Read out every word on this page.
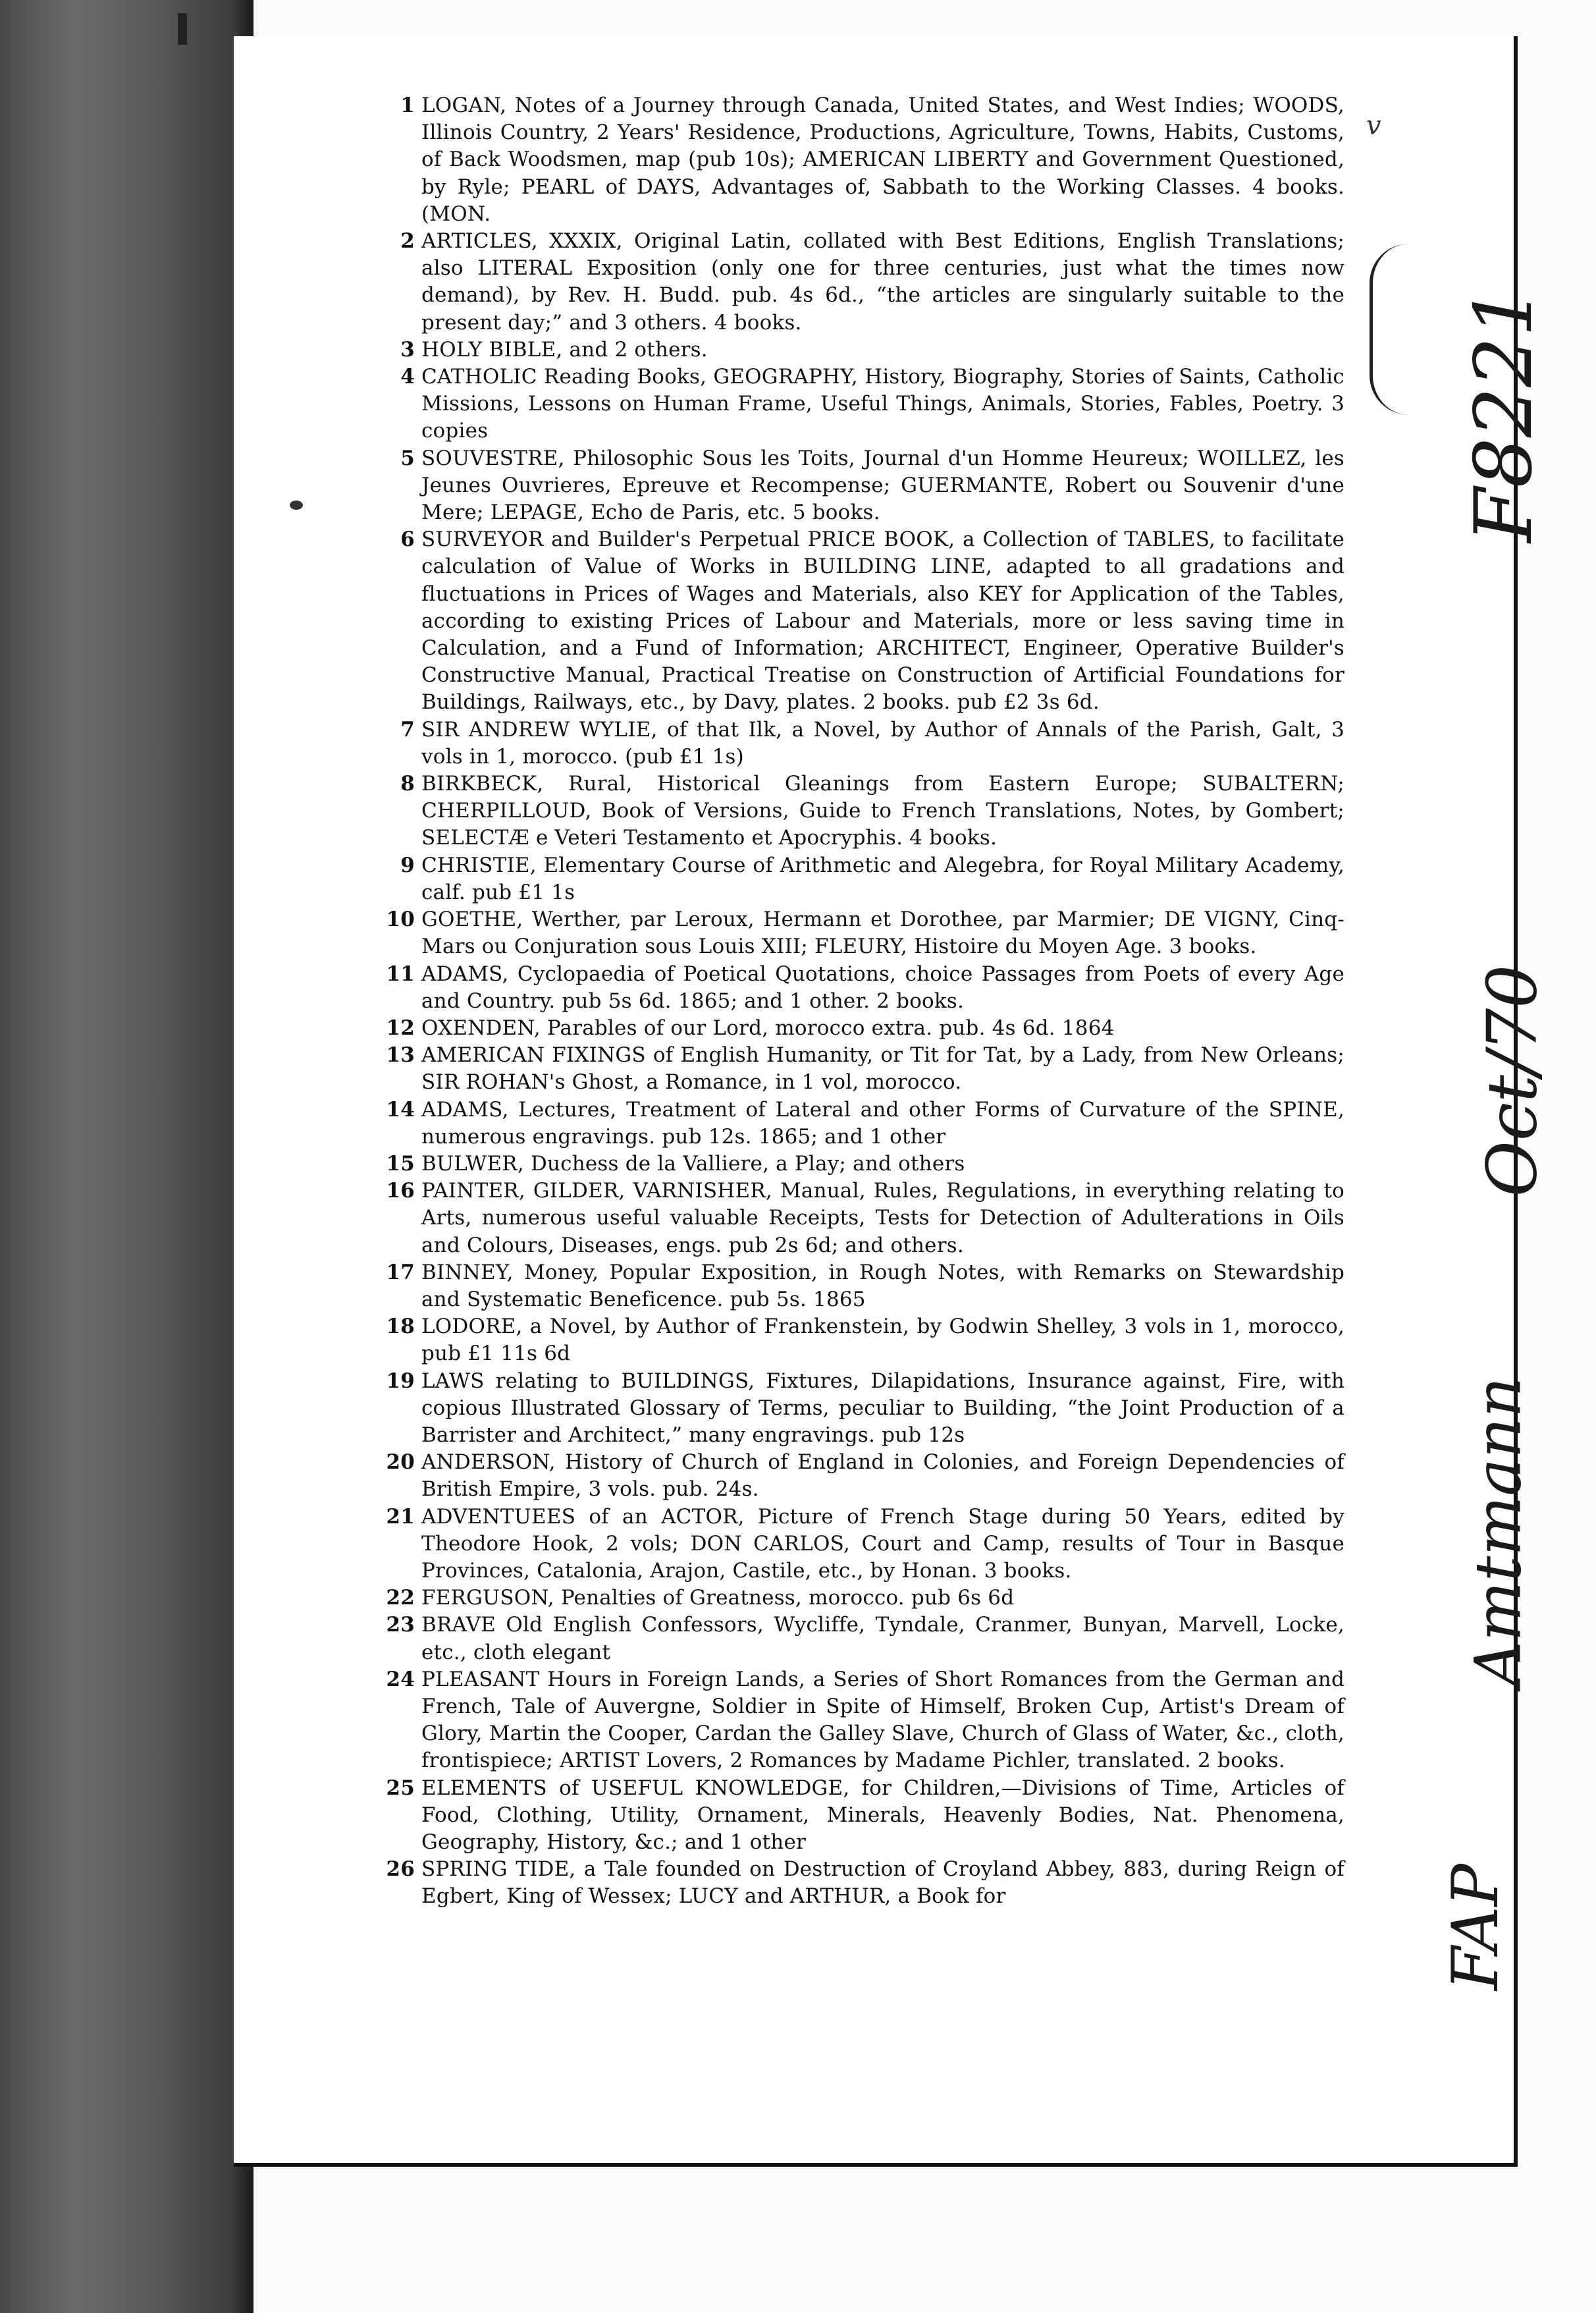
1 LOGAN, Notes of a Journey through Canada, United States, and West Indies; WOODS, Illinois Country, 2 Years' Residence, Productions, Agriculture, Towns, Habits, Customs, of Back Woodsmen, map (pub 10s); AMERICAN LIBERTY and Government Questioned, by Ryle; PEARL of DAYS, Advantages of, Sabbath to the Working Classes. 4 books. (MON.

2 ARTICLES, XXXIX, Original Latin, collated with Best Editions, English Translations; also LITERAL Exposition (only one for three centuries, just what the times now demand), by Rev. H. Budd. pub. 4s 6d., “the articles are singularly suitable to the present day;” and 3 others. 4 books.

3 HOLY BIBLE, and 2 others.

4 CATHOLIC Reading Books, GEOGRAPHY, History, Biography, Stories of Saints, Catholic Missions, Lessons on Human Frame, Useful Things, Animals, Stories, Fables, Poetry. 3 copies

5 SOUVESTRE, Philosophic Sous les Toits, Journal d'un Homme Heureux; WOILLEZ, les Jeunes Ouvrieres, Epreuve et Recompense; GUERMANTE, Robert ou Souvenir d'une Mere; LEPAGE, Echo de Paris, etc. 5 books.

6 SURVEYOR and Builder's Perpetual PRICE BOOK, a Collection of TABLES, to facilitate calculation of Value of Works in BUILDING LINE, adapted to all gradations and fluctuations in Prices of Wages and Materials, also KEY for Application of the Tables, according to existing Prices of Labour and Materials, more or less saving time in Calculation, and a Fund of Information; ARCHITECT, Engineer, Operative Builder's Constructive Manual, Practical Treatise on Construction of Artificial Foundations for Buildings, Railways, etc., by Davy, plates. 2 books. pub £2 3s 6d.

7 SIR ANDREW WYLIE, of that Ilk, a Novel, by Author of Annals of the Parish, Galt, 3 vols in 1, morocco. (pub £1 1s)

8 BIRKBECK, Rural, Historical Gleanings from Eastern Europe; SUBALTERN; CHERPILLOUD, Book of Versions, Guide to French Translations, Notes, by Gombert; SELECTÆ e Veteri Testamento et Apocryphis. 4 books.

9 CHRISTIE, Elementary Course of Arithmetic and Alegebra, for Royal Military Academy, calf. pub £1 1s

10 GOETHE, Werther, par Leroux, Hermann et Dorothee, par Marmier; DE VIGNY, Cinq-Mars ou Conjuration sous Louis XIII; FLEURY, Histoire du Moyen Age. 3 books.

11 ADAMS, Cyclopaedia of Poetical Quotations, choice Passages from Poets of every Age and Country. pub 5s 6d. 1865; and 1 other. 2 books.

12 OXENDEN, Parables of our Lord, morocco extra. pub. 4s 6d. 1864

13 AMERICAN FIXINGS of English Humanity, or Tit for Tat, by a Lady, from New Orleans; SIR ROHAN's Ghost, a Romance, in 1 vol, morocco.

14 ADAMS, Lectures, Treatment of Lateral and other Forms of Curvature of the SPINE, numerous engravings. pub 12s. 1865; and 1 other

15 BULWER, Duchess de la Valliere, a Play; and others

16 PAINTER, GILDER, VARNISHER, Manual, Rules, Regulations, in everything relating to Arts, numerous useful valuable Receipts, Tests for Detection of Adulterations in Oils and Colours, Diseases, engs. pub 2s 6d; and others.

17 BINNEY, Money, Popular Exposition, in Rough Notes, with Remarks on Stewardship and Systematic Beneficence. pub 5s. 1865

18 LODORE, a Novel, by Author of Frankenstein, by Godwin Shelley, 3 vols in 1, morocco, pub £1 11s 6d

19 LAWS relating to BUILDINGS, Fixtures, Dilapidations, Insurance against, Fire, with copious Illustrated Glossary of Terms, peculiar to Building, “the Joint Production of a Barrister and Architect,” many engravings. pub 12s

20 ANDERSON, History of Church of England in Colonies, and Foreign Dependencies of British Empire, 3 vols. pub. 24s.

21 ADVENTUEES of an ACTOR, Picture of French Stage during 50 Years, edited by Theodore Hook, 2 vols; DON CARLOS, Court and Camp, results of Tour in Basque Provinces, Catalonia, Arajon, Castile, etc., by Honan. 3 books.

22 FERGUSON, Penalties of Greatness, morocco. pub 6s 6d

23 BRAVE Old English Confessors, Wycliffe, Tyndale, Cranmer, Bunyan, Marvell, Locke, etc., cloth elegant

24 PLEASANT Hours in Foreign Lands, a Series of Short Romances from the German and French, Tale of Auvergne, Soldier in Spite of Himself, Broken Cup, Artist's Dream of Glory, Martin the Cooper, Cardan the Galley Slave, Church of Glass of Water, &c., cloth, frontispiece; ARTIST Lovers, 2 Romances by Madame Pichler, translated. 2 books.

25 ELEMENTS of USEFUL KNOWLEDGE, for Children,—Divisions of Time, Articles of Food, Clothing, Utility, Ornament, Minerals, Heavenly Bodies, Nat. Phenomena, Geography, History, &c.; and 1 other

26 SPRING TIDE, a Tale founded on Destruction of Croyland Abbey, 883, during Reign of Egbert, King of Wessex; LUCY and ARTHUR, a Book for

v
F8221
Oct/70
Amtmann
FAP
